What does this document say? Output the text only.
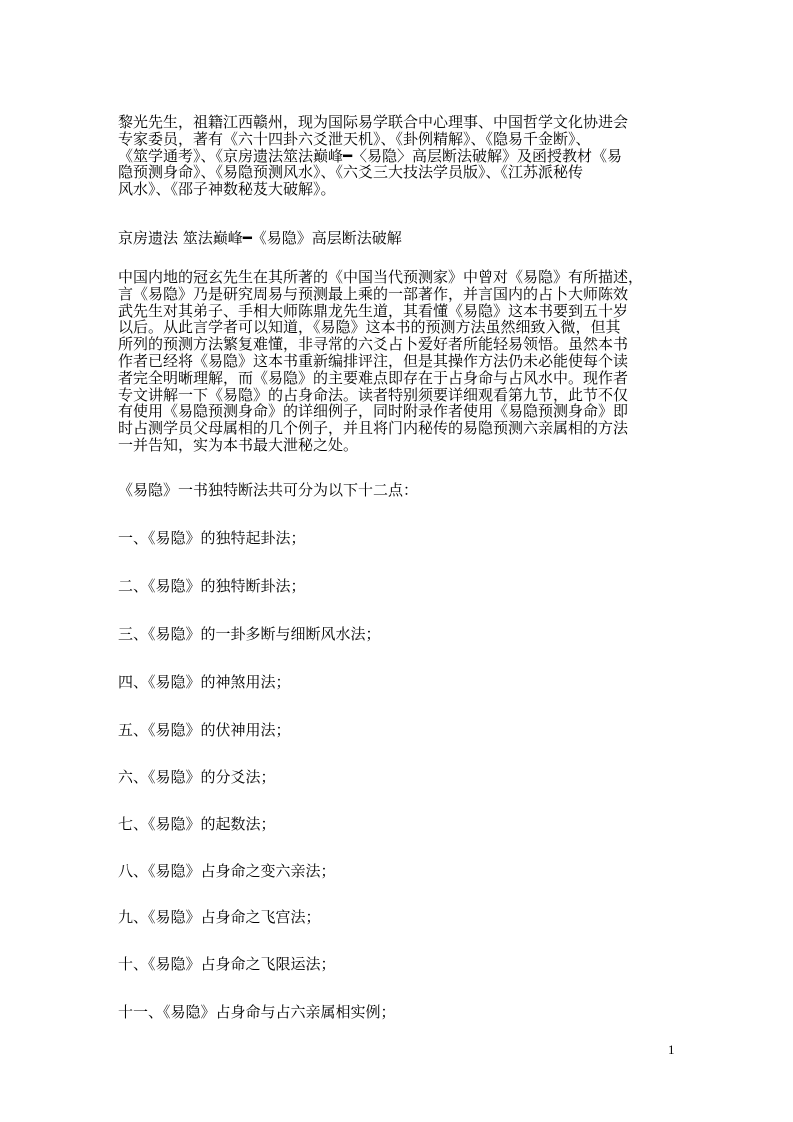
黎光先生，祖籍江西赣州，现为国际易学联合中心理事、中国哲学文化协进会
专家委员，著有《六十四卦六爻泄天机》、《卦例精解》、《隐易千金断》、
《筮学通考》、《京房遗法筮法巅峰━〈易隐〉高层断法破解》及函授教材《易
隐预测身命》、《易隐预测风水》、《六爻三大技法学员版》、《江苏派秘传
风水》、《邵子神数秘芨大破解》。
京房遗法 筮法巅峰━《易隐》高层断法破解
中国内地的冠玄先生在其所著的《中国当代预测家》中曾对《易隐》有所描述，
言《易隐》乃是研究周易与预测最上乘的一部著作，并言国内的占卜大师陈效
武先生对其弟子、手相大师陈鼎龙先生道，其看懂《易隐》这本书要到五十岁
以后。从此言学者可以知道，《易隐》这本书的预测方法虽然细致入微，但其
所列的预测方法繁复难懂，非寻常的六爻占卜爱好者所能轻易领悟。虽然本书
作者已经将《易隐》这本书重新编排评注，但是其操作方法仍未必能使每个读
者完全明晰理解，而《易隐》的主要难点即存在于占身命与占风水中。现作者
专文讲解一下《易隐》的占身命法。读者特别须要详细观看第九节，此节不仅
有使用《易隐预测身命》的详细例子，同时附录作者使用《易隐预测身命》即
时占测学员父母属相的几个例子，并且将门内秘传的易隐预测六亲属相的方法
一并告知，实为本书最大泄秘之处。
《易隐》一书独特断法共可分为以下十二点：
一、《易隐》的独特起卦法；
二、《易隐》的独特断卦法；
三、《易隐》的一卦多断与细断风水法；
四、《易隐》的神煞用法；
五、《易隐》的伏神用法；
六、《易隐》的分爻法；
七、《易隐》的起数法；
八、《易隐》占身命之变六亲法；
九、《易隐》占身命之飞宫法；
十、《易隐》占身命之飞限运法；
十一、《易隐》占身命与占六亲属相实例；
1
